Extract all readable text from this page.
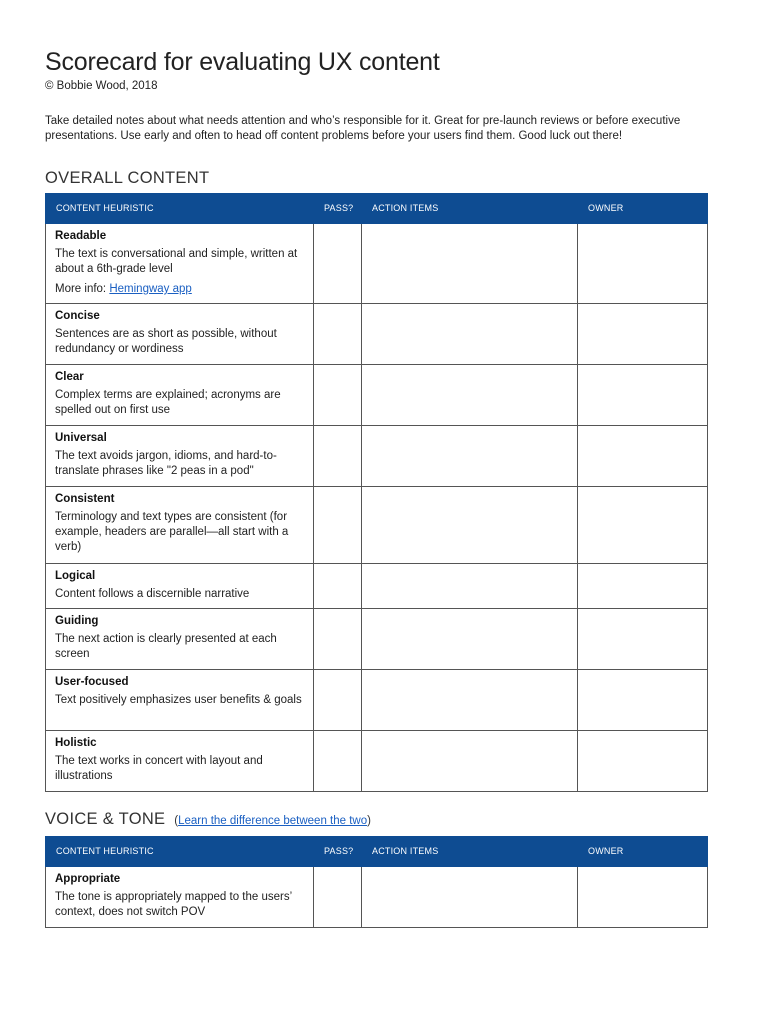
Scorecard for evaluating UX content
© Bobbie Wood, 2018

Take detailed notes about what needs attention and who’s responsible for it. Great for pre-launch reviews or before executive presentations. Use early and often to head off content problems before your users find them. Good luck out there!

OVERALL CONTENT
CONTENT HEURISTIC	PASS?	ACTION ITEMS	OWNER

Readable
The text is conversational and simple, written at about a 6th-grade level
More info: Hemingway app			

Concise
Sentences are as short as possible, without redundancy or wordiness			

Clear
Complex terms are explained; acronyms are spelled out on first use			

Universal
The text avoids jargon, idioms, and hard-to-translate phrases like "2 peas in a pod"			

Consistent
Terminology and text types are consistent (for example, headers are parallel—all start with a verb)			

Logical
Content follows a discernible narrative			

Guiding
The next action is clearly presented at each screen			

User-focused
Text positively emphasizes user benefits & goals			

Holistic
The text works in concert with layout and illustrations			

VOICE & TONE (Learn the difference between the two)
CONTENT HEURISTIC	PASS?	ACTION ITEMS	OWNER

Appropriate
The tone is appropriately mapped to the users’ context, does not switch POV			
